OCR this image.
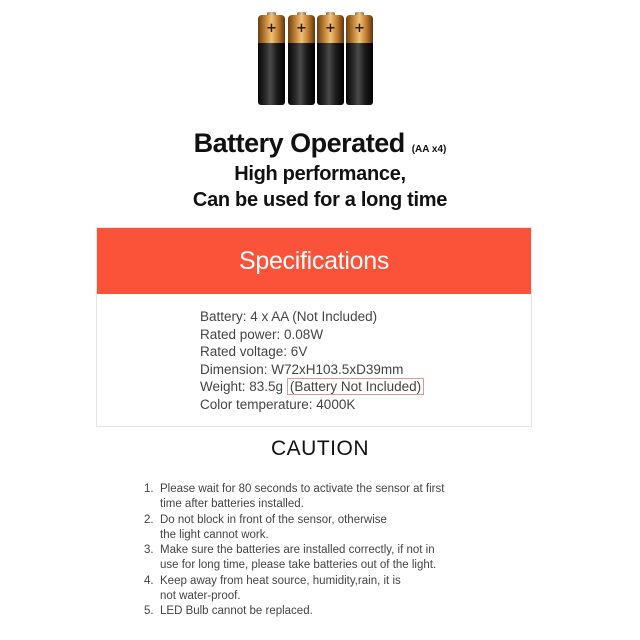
+	+	+	+
Battery Operated (AA x4)
High performance,
Can be used for a long time
Specifications
Battery: 4 x AA (Not Included)
Rated power: 0.08W
Rated voltage: 6V
Dimension: W72xH103.5xD39mm
Weight: 83.5g (Battery Not Included)
Color temperature: 4000K
CAUTION
1. Please wait for 80 seconds to activate the sensor at first
time after batteries installed.
2. Do not block in front of the sensor, otherwise
the light cannot work.
3. Make sure the batteries are installed correctly, if not in
use for long time, please take batteries out of the light.
4. Keep away from heat source, humidity,rain, it is
not water-proof.
5. LED Bulb cannot be replaced.
